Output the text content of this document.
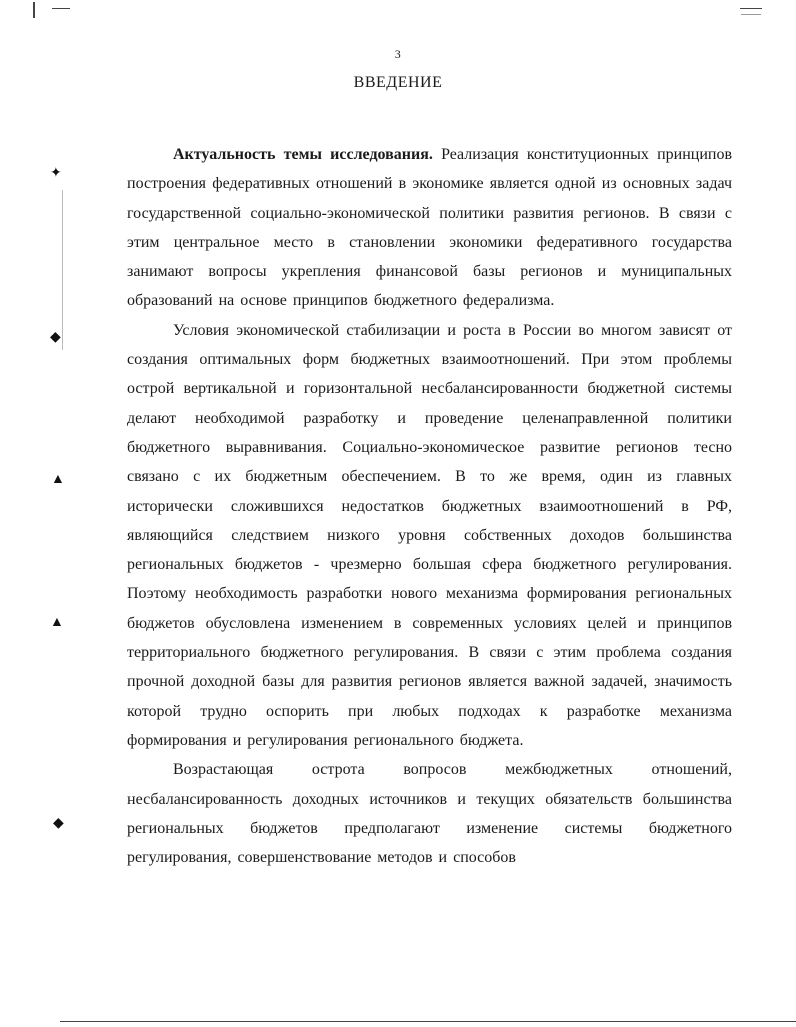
✦
◆
▲
▲
◆
3
ВВЕДЕНИЕ

Актуальность темы исследования. Реализация конституционных принципов построения федеративных отношений в экономике является одной из основных задач государственной социально-экономической политики развития регионов. В связи с этим центральное место в становлении экономики федеративного государства занимают вопросы укрепления финансовой базы регионов и муниципальных образований на основе принципов бюджетного федерализма.

Условия экономической стабилизации и роста в России во многом зависят от создания оптимальных форм бюджетных взаимоотношений. При этом проблемы острой вертикальной и горизонтальной несбалансированности бюджетной системы делают необходимой разработку и проведение целенаправленной политики бюджетного выравнивания. Социально-экономическое развитие регионов тесно связано с их бюджетным обеспечением. В то же время, один из главных исторически сложившихся недостатков бюджетных взаимоотношений в РФ, являющийся следствием низкого уровня собственных доходов большинства региональных бюджетов - чрезмерно большая сфера бюджетного регулирования. Поэтому необходимость разработки нового механизма формирования региональных бюджетов обусловлена изменением в современных условиях целей и принципов территориального бюджетного регулирования. В связи с этим проблема создания прочной доходной базы для развития регионов является важной задачей, значимость которой трудно оспорить при любых подходах к разработке механизма формирования и регулирования регионального бюджета.

Возрастающая острота вопросов межбюджетных отношений, несбалансированность доходных источников и текущих обязательств большинства региональных бюджетов предполагают изменение системы бюджетного регулирования, совершенствование методов и способов
